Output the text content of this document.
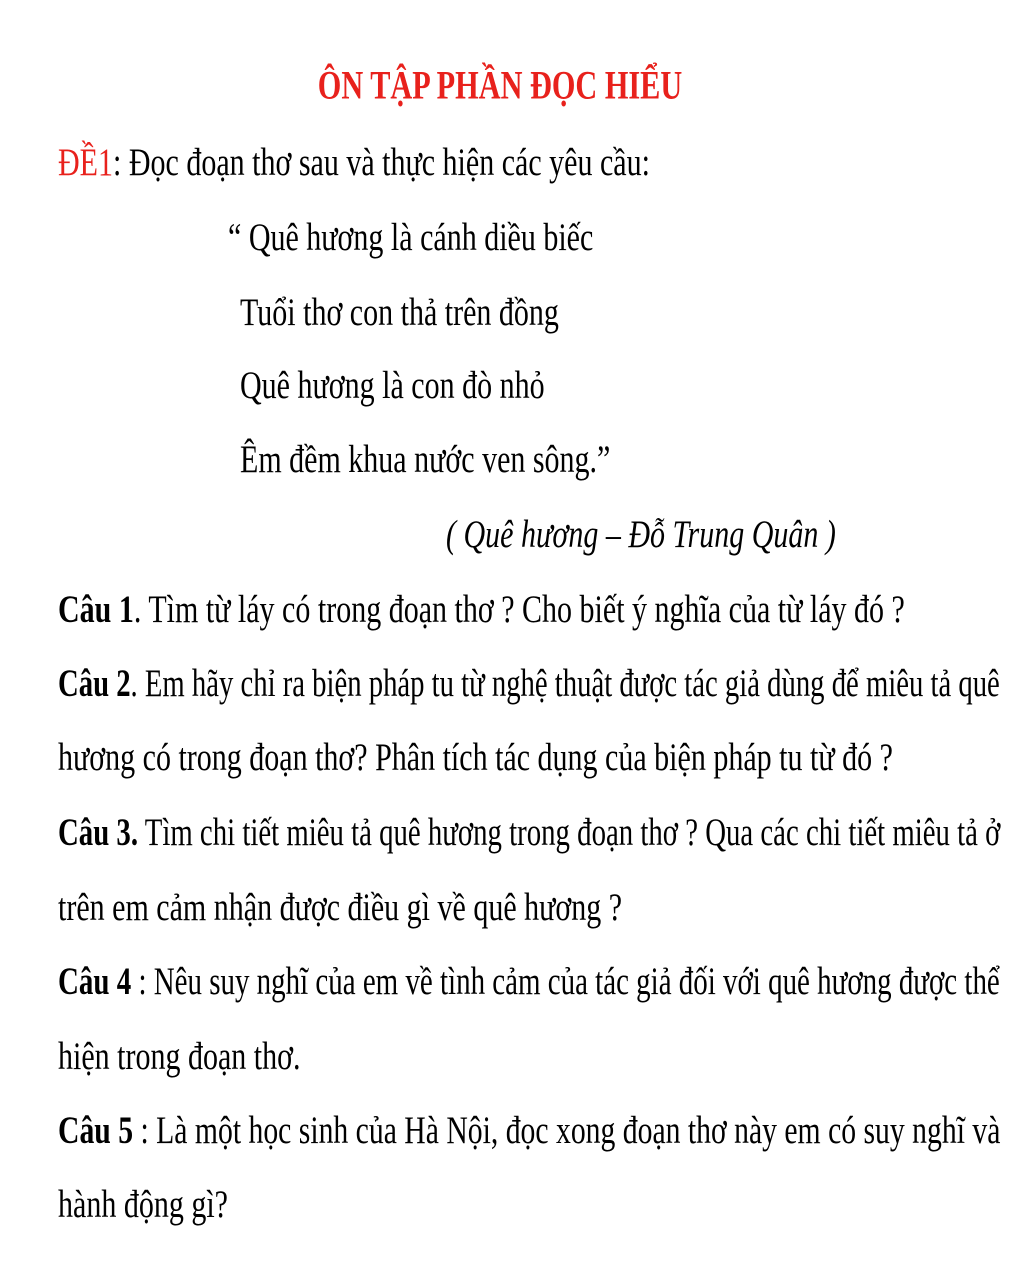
ÔN TẬP PHẦN ĐỌC HIỂU
ĐỀ1: Đọc đoạn thơ sau và thực hiện các yêu cầu:
“ Quê hương là cánh diều biếc
Tuổi thơ con thả trên đồng
Quê hương là con đò nhỏ
Êm đềm khua nước ven sông.”
( Quê hương – Đỗ Trung Quân )
Câu 1. Tìm từ láy có trong đoạn thơ ? Cho biết ý nghĩa của từ láy đó ?
Câu 2. Em hãy chỉ ra biện pháp tu từ nghệ thuật được tác giả dùng để miêu tả quê
hương có trong đoạn thơ? Phân tích tác dụng của biện pháp tu từ đó ?
Câu 3. Tìm chi tiết miêu tả quê hương trong đoạn thơ ? Qua các chi tiết miêu tả ở
trên em cảm nhận được điều gì về quê hương ?
Câu 4 : Nêu suy nghĩ của em về tình cảm của tác giả đối với quê hương được thể
hiện trong đoạn thơ.
Câu 5 : Là một học sinh của Hà Nội, đọc xong đoạn thơ này em có suy nghĩ và
hành động gì?
